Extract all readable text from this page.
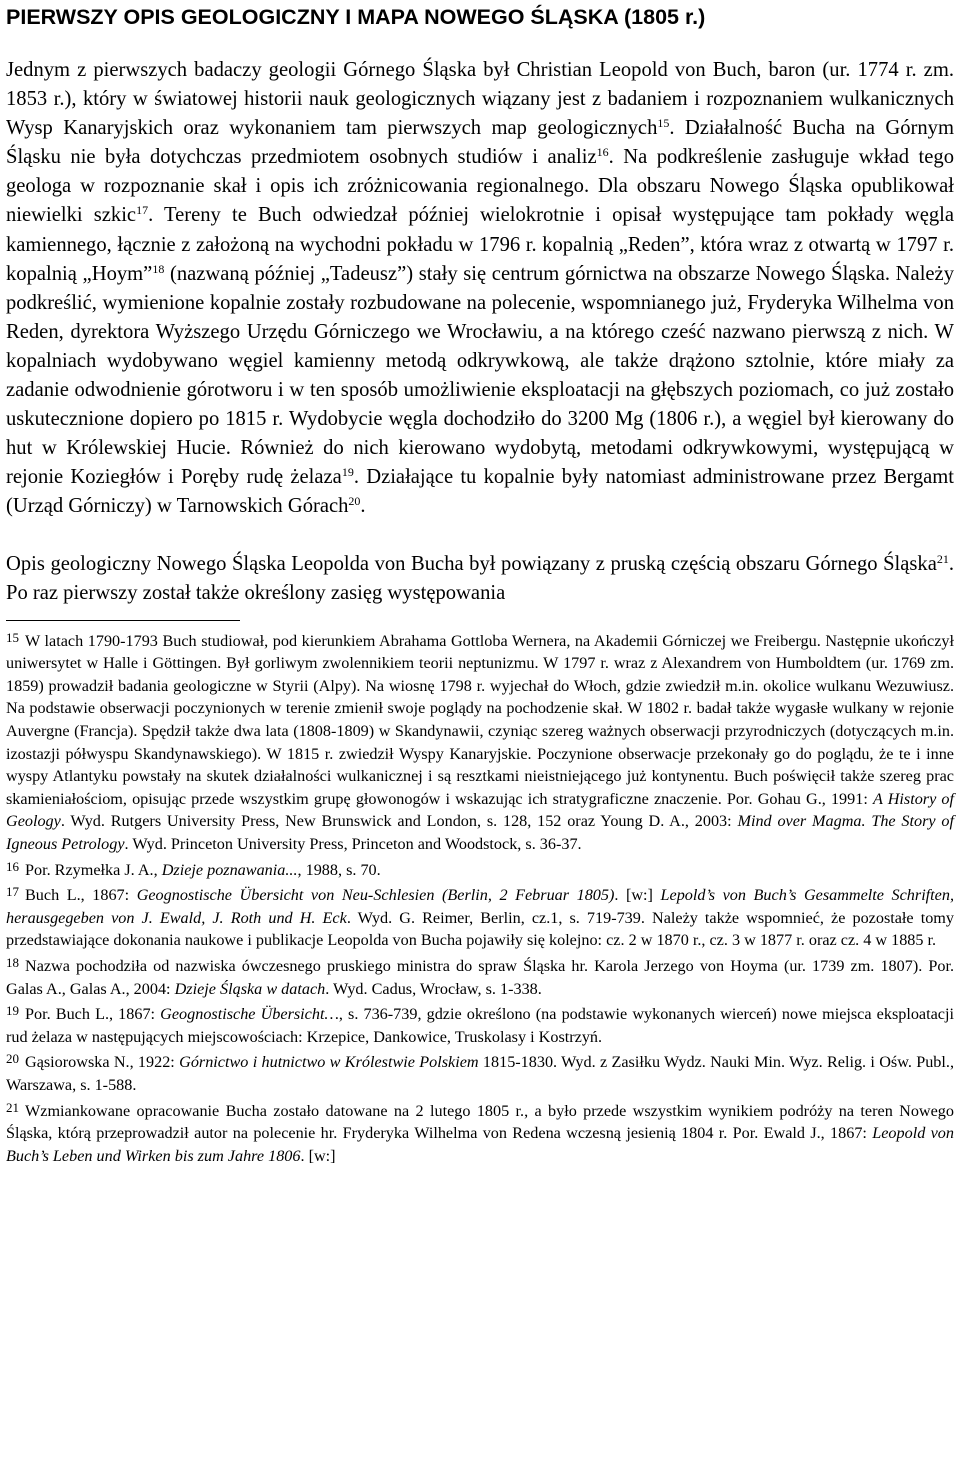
PIERWSZY OPIS GEOLOGICZNY I MAPA NOWEGO ŚLĄSKA (1805 r.)

Jednym z pierwszych badaczy geologii Górnego Śląska był Christian Leopold von Buch, baron (ur. 1774 r. zm. 1853 r.), który w światowej historii nauk geologicznych wiązany jest z badaniem i rozpoznaniem wulkanicznych Wysp Kanaryjskich oraz wykonaniem tam pierwszych map geologicznych$^{15}$. Działalność Bucha na Górnym Śląsku nie była dotychczas przedmiotem osobnych studiów i analiz$^{16}$. Na podkreślenie zasługuje wkład tego geologa w rozpoznanie skał i opis ich zróżnicowania regionalnego. Dla obszaru Nowego Śląska opublikował niewielki szkic$^{17}$. Tereny te Buch odwiedzał później wielokrotnie i opisał występujące tam pokłady węgla kamiennego, łącznie z założoną na wychodni pokładu w 1796 r. kopalnią „Reden”, która wraz z otwartą w 1797 r. kopalnią „Hoym”$^{18}$ (nazwaną później „Tadeusz”) stały się centrum górnictwa na obszarze Nowego Śląska. Należy podkreślić, wymienione kopalnie zostały rozbudowane na polecenie, wspomnianego już, Fryderyka Wilhelma von Reden, dyrektora Wyższego Urzędu Górniczego we Wrocławiu, a na którego cześć nazwano pierwszą z nich. W kopalniach wydobywano węgiel kamienny metodą odkrywkową, ale także drążono sztolnie, które miały za zadanie odwodnienie górotworu i w ten sposób umożliwienie eksploatacji na głębszych poziomach, co już zostało uskutecznione dopiero po 1815 r. Wydobycie węgla dochodziło do 3200 Mg (1806 r.), a węgiel był kierowany do hut w Królewskiej Hucie. Również do nich kierowano wydobytą, metodami odkrywkowymi, występującą w rejonie Koziegłów i Poręby rudę żelaza$^{19}$. Działające tu kopalnie były natomiast administrowane przez Bergamt (Urząd Górniczy) w Tarnowskich Górach$^{20}$.

Opis geologiczny Nowego Śląska Leopolda von Bucha był powiązany z pruską częścią obszaru Górnego Śląska$^{21}$. Po raz pierwszy został także określony zasięg występowania

$^{15}$ W latach 1790-1793 Buch studiował, pod kierunkiem Abrahama Gottloba Wernera, na Akademii Górniczej we Freibergu. Następnie ukończył uniwersytet w Halle i Göttingen. Był gorliwym zwolennikiem teorii neptunizmu. W 1797 r. wraz z Alexandrem von Humboldtem (ur. 1769 zm. 1859) prowadził badania geologiczne w Styrii (Alpy). Na wiosnę 1798 r. wyjechał do Włoch, gdzie zwiedził m.in. okolice wulkanu Wezuwiusz. Na podstawie obserwacji poczynionych w terenie zmienił swoje poglądy na pochodzenie skał. W 1802 r. badał także wygasłe wulkany w rejonie Auvergne (Francja). Spędził także dwa lata (1808-1809) w Skandynawii, czyniąc szereg ważnych obserwacji przyrodniczych (dotyczących m.in. izostazji półwyspu Skandynawskiego). W 1815 r. zwiedził Wyspy Kanaryjskie. Poczynione obserwacje przekonały go do poglądu, że te i inne wyspy Atlantyku powstały na skutek działalności wulkanicznej i są resztkami nieistniejącego już kontynentu. Buch poświęcił także szereg prac skamieniałościom, opisując przede wszystkim grupę głowonogów i wskazując ich stratygraficzne znaczenie. Por. Gohau G., 1991: A History of Geology. Wyd. Rutgers University Press, New Brunswick and London, s. 128, 152 oraz Young D. A., 2003: Mind over Magma. The Story of Igneous Petrology. Wyd. Princeton University Press, Princeton and Woodstock, s. 36-37.

$^{16}$ Por. Rzymełka J. A., Dzieje poznawania..., 1988, s. 70.

$^{17}$ Buch L., 1867: Geognostische Übersicht von Neu-Schlesien (Berlin, 2 Februar 1805). [w:] Lepold’s von Buch’s Gesammelte Schriften, herausgegeben von J. Ewald, J. Roth und H. Eck. Wyd. G. Reimer, Berlin, cz.1, s. 719-739. Należy także wspomnieć, że pozostałe tomy przedstawiające dokonania naukowe i publikacje Leopolda von Bucha pojawiły się kolejno: cz. 2 w 1870 r., cz. 3 w 1877 r. oraz cz. 4 w 1885 r.

$^{18}$ Nazwa pochodziła od nazwiska ówczesnego pruskiego ministra do spraw Śląska hr. Karola Jerzego von Hoyma (ur. 1739 zm. 1807). Por. Galas A., Galas A., 2004: Dzieje Śląska w datach. Wyd. Cadus, Wrocław, s. 1-338.

$^{19}$ Por. Buch L., 1867: Geognostische Übersicht…, s. 736-739, gdzie określono (na podstawie wykonanych wierceń) nowe miejsca eksploatacji rud żelaza w następujących miejscowościach: Krzepice, Dankowice, Truskolasy i Kostrzyń.

$^{20}$ Gąsiorowska N., 1922: Górnictwo i hutnictwo w Królestwie Polskiem 1815-1830. Wyd. z Zasiłku Wydz. Nauki Min. Wyz. Relig. i Ośw. Publ., Warszawa, s. 1-588.

$^{21}$ Wzmiankowane opracowanie Bucha zostało datowane na 2 lutego 1805 r., a było przede wszystkim wynikiem podróży na teren Nowego Śląska, którą przeprowadził autor na polecenie hr. Fryderyka Wilhelma von Redena wczesną jesienią 1804 r. Por. Ewald J., 1867: Leopold von Buch’s Leben und Wirken bis zum Jahre 1806. [w:]
